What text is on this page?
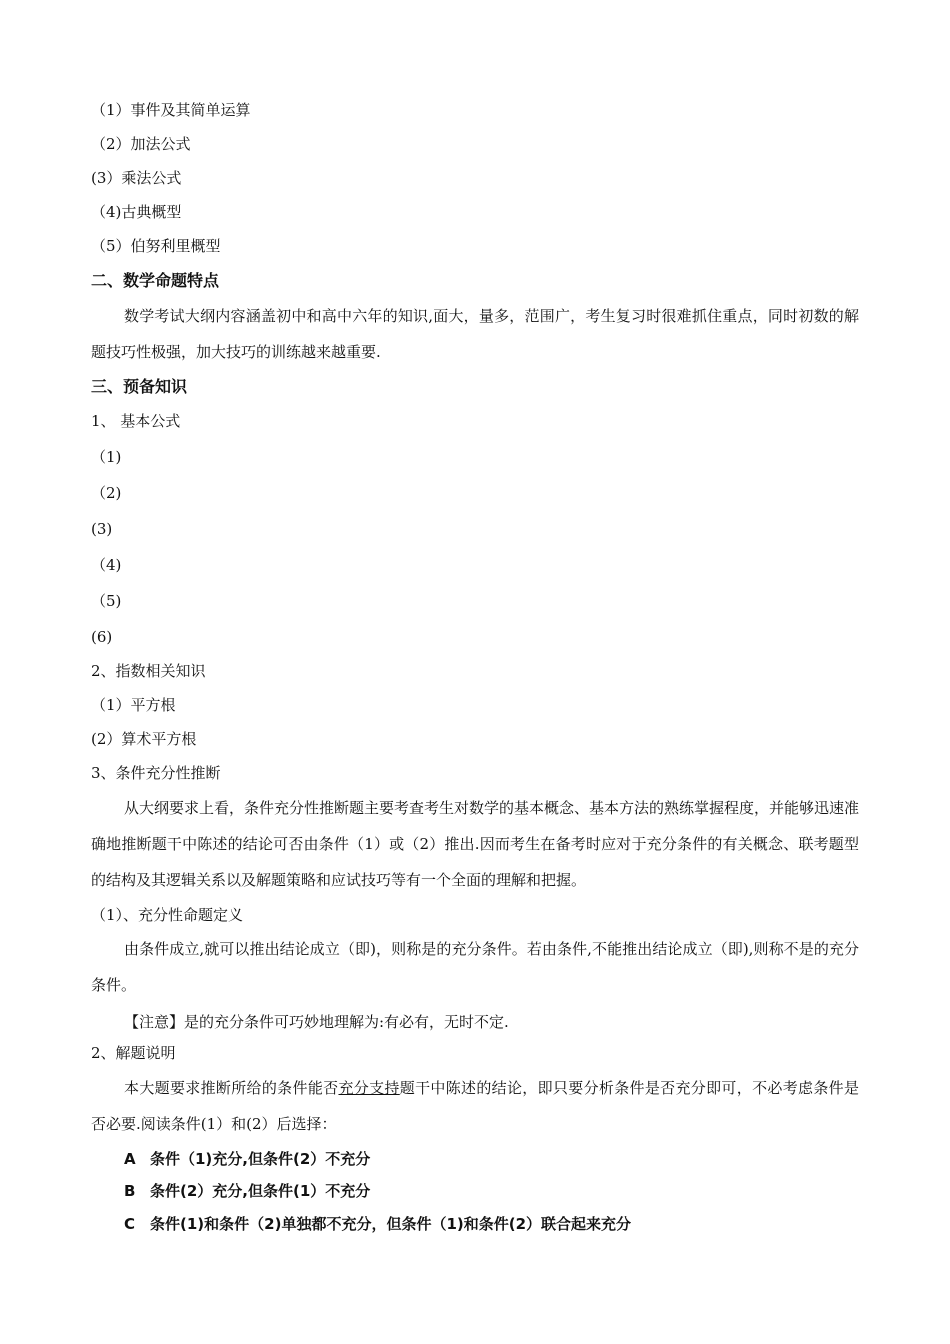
（1）事件及其简单运算
（2）加法公式
(3）乘法公式
（4)古典概型
（5）伯努利里概型
二、数学命题特点
数学考试大纲内容涵盖初中和高中六年的知识,面大，量多，范围广，考生复习时很难抓住重点，同时初数的解题技巧性极强，加大技巧的训练越来越重要.
三、预备知识
1、 基本公式
（1)
（2)
(3)
（4)
（5)
(6)
2、指数相关知识
（1）平方根
(2）算术平方根
3、条件充分性推断
从大纲要求上看，条件充分性推断题主要考查考生对数学的基本概念、基本方法的熟练掌握程度，并能够迅速准确地推断题干中陈述的结论可否由条件（1）或（2）推出.因而考生在备考时应对于充分条件的有关概念、联考题型的结构及其逻辑关系以及解题策略和应试技巧等有一个全面的理解和把握。
（1）、充分性命题定义
由条件成立,就可以推出结论成立（即)，则称是的充分条件。若由条件,不能推出结论成立（即),则称不是的充分条件。
【注意】是的充分条件可巧妙地理解为:有必有，无时不定.
2、解题说明
本大题要求推断所给的条件能否充分支持题干中陈述的结论，即只要分析条件是否充分即可，不必考虑条件是否必要.阅读条件(1）和(2）后选择：
A 条件（1)充分,但条件(2）不充分
B 条件(2）充分,但条件(1）不充分
C 条件(1)和条件（2)单独都不充分，但条件（1)和条件(2）联合起来充分
